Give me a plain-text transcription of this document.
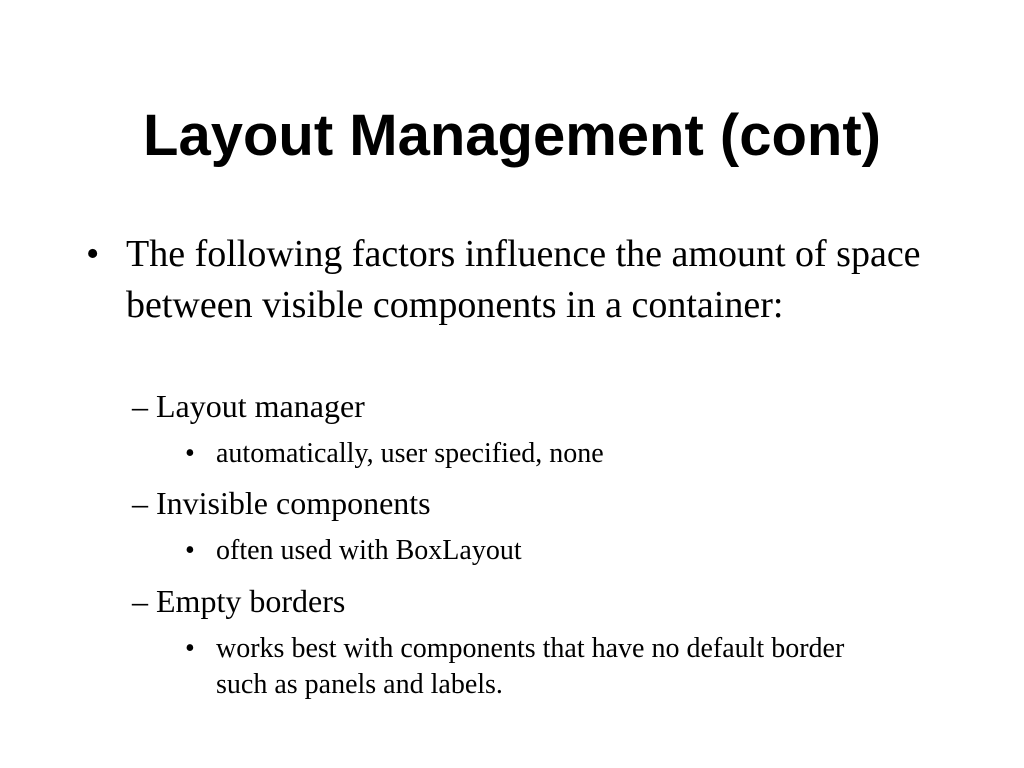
Layout Management (cont)
• The following factors influence the amount of space between visible components in a container:
– Layout manager
• automatically, user specified, none
– Invisible components
• often used with BoxLayout
– Empty borders
• works best with components that have no default border such as panels and labels.
